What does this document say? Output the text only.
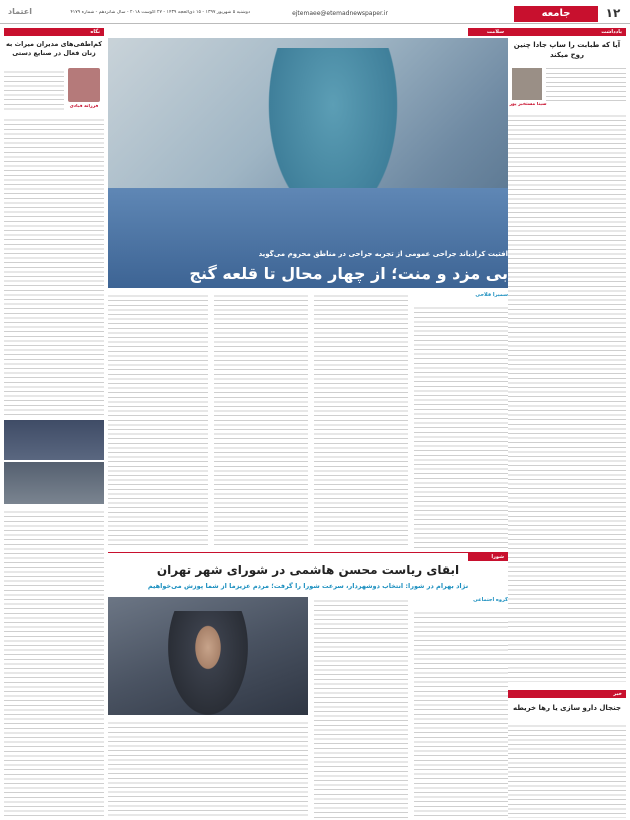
۱۲
جامعه
ejtemaee@etemadnewspaper.ir
دوشنبه ۵ شهریور ۱۳۹۷ - ۱۵ ذی‌الحجه ۱۴۳۹ - ۲۷ آگوست ۲۰۱۸ - سال شانزدهم - شماره ۴۱۷۹
اعتماد
یادداشت
آیا که طبابت را ساپ جادا چنین روح میکند
سینا مستخبر پور
خبر
جنجال دارو سازی یا رها خریطه
نگاه
کم‌اطفی‌های مدیران میراث به زنان فعال در صنایع دستی
فرزانه قبادی
سلامت
آفتیت کرادیاند جراحی عمومی از تجربه جراحی در مناطق محروم می‌گوید
بی مزد و منت؛ از چهار محال تا قلعه گنج
سمیرا فلاحی
شورا
ابقای ریاست محسن هاشمی در شورای شهر تهران
نژاد بهرام در شورا: انتخاب دوشهردار، سرعت شورا را گرفت؛ مردم عزیزما از شما پوزش می‌خواهیم
گروه اجتماعی
